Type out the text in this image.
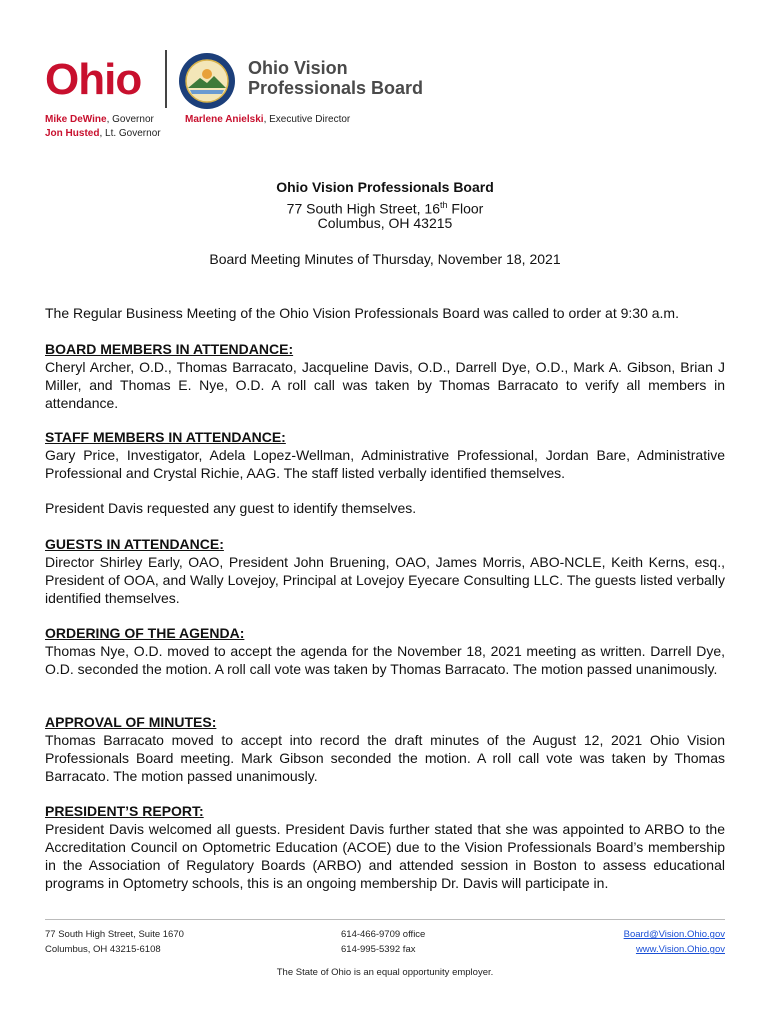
Ohio	Ohio Vision
Professionals Board
Mike DeWine, Governor
Jon Husted, Lt. Governor
Marlene Anielski, Executive Director
Ohio Vision Professionals Board
77 South High Street, 16th Floor
Columbus, OH 43215
Board Meeting Minutes of Thursday, November 18, 2021
The Regular Business Meeting of the Ohio Vision Professionals Board was called to order at 9:30 a.m.
BOARD MEMBERS IN ATTENDANCE:
Cheryl Archer, O.D., Thomas Barracato, Jacqueline Davis, O.D., Darrell Dye, O.D., Mark A. Gibson, Brian J Miller, and Thomas E. Nye, O.D. A roll call was taken by Thomas Barracato to verify all members in attendance.
STAFF MEMBERS IN ATTENDANCE:
Gary Price, Investigator, Adela Lopez-Wellman, Administrative Professional, Jordan Bare, Administrative Professional and Crystal Richie, AAG. The staff listed verbally identified themselves.
President Davis requested any guest to identify themselves.
GUESTS IN ATTENDANCE:
Director Shirley Early, OAO, President John Bruening, OAO, James Morris, ABO-NCLE, Keith Kerns, esq., President of OOA, and Wally Lovejoy, Principal at Lovejoy Eyecare Consulting LLC. The guests listed verbally identified themselves.
ORDERING OF THE AGENDA:
Thomas Nye, O.D. moved to accept the agenda for the November 18, 2021 meeting as written. Darrell Dye, O.D. seconded the motion. A roll call vote was taken by Thomas Barracato. The motion passed unanimously.
APPROVAL OF MINUTES:
Thomas Barracato moved to accept into record the draft minutes of the August 12, 2021 Ohio Vision Professionals Board meeting. Mark Gibson seconded the motion. A roll call vote was taken by Thomas Barracato. The motion passed unanimously.
PRESIDENT’S REPORT:
President Davis welcomed all guests. President Davis further stated that she was appointed to ARBO to the Accreditation Council on Optometric Education (ACOE) due to the Vision Professionals Board’s membership in the Association of Regulatory Boards (ARBO) and attended session in Boston to assess educational programs in Optometry schools, this is an ongoing membership Dr. Davis will participate in.
77 South High Street, Suite 1670
Columbus, OH 43215-6108
614-466-9709 office
614-995-5392 fax
Board@Vision.Ohio.gov
www.Vision.Ohio.gov
The State of Ohio is an equal opportunity employer.
